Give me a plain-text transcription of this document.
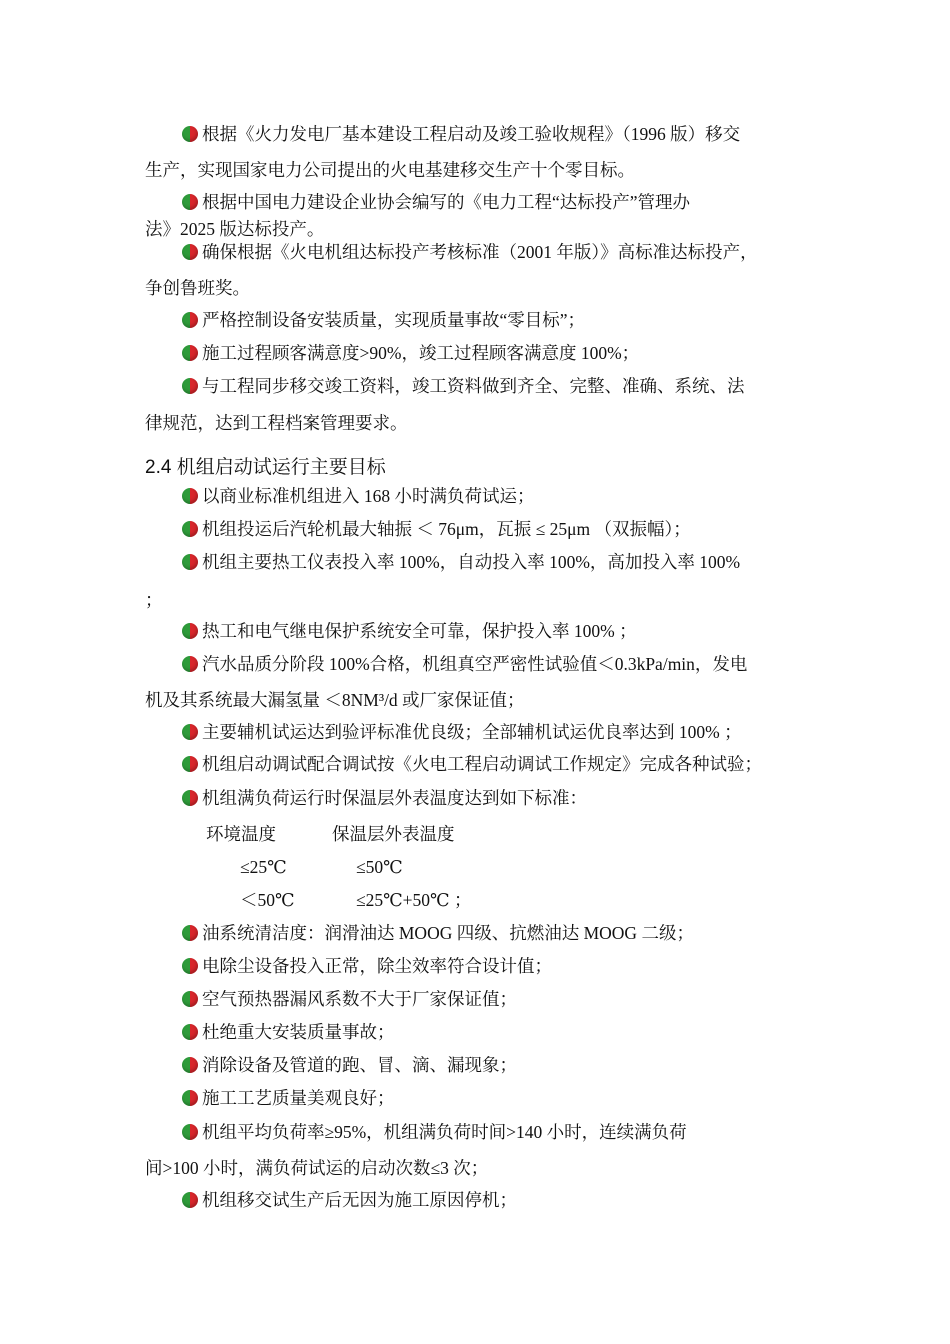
根据《火力发电厂基本建设工程启动及竣工验收规程》（1996 版）移交
生产，实现国家电力公司提出的火电基建移交生产十个零目标。
根据中国电力建设企业协会编写的《电力工程“达标投产”管理办
法》2025 版达标投产。
确保根据《火电机组达标投产考核标准（2001 年版）》高标准达标投产，
争创鲁班奖。
严格控制设备安装质量，实现质量事故“零目标”；
施工过程顾客满意度>90%，竣工过程顾客满意度 100%；
与工程同步移交竣工资料，竣工资料做到齐全、完整、准确、系统、法
律规范，达到工程档案管理要求。
2.4 机组启动试运行主要目标
以商业标准机组进入 168 小时满负荷试运；
机组投运后汽轮机最大轴振 ＜ 76μm，瓦振 ≤ 25μm （双振幅）；
机组主要热工仪表投入率 100%，自动投入率 100%，高加投入率 100%
；
热工和电气继电保护系统安全可靠，保护投入率 100% ；
汽水品质分阶段 100%合格，机组真空严密性试验值＜0.3kPa/min，发电
机及其系统最大漏氢量 ＜8NM³/d 或厂家保证值；
主要辅机试运达到验评标准优良级；全部辅机试运优良率达到 100% ；
机组启动调试配合调试按《火电工程启动调试工作规定》完成各种试验；
机组满负荷运行时保温层外表温度达到如下标准：
环境温度	保温层外表温度
≤25℃	≤50℃
＜50℃	≤25℃+50℃ ；
油系统清洁度：润滑油达 MOOG 四级、抗燃油达 MOOG 二级；
电除尘设备投入正常，除尘效率符合设计值；
空气预热器漏风系数不大于厂家保证值；
杜绝重大安装质量事故；
消除设备及管道的跑、冒、滴、漏现象；
施工工艺质量美观良好；
机组平均负荷率≥95%，机组满负荷时间>140 小时，连续满负荷
间>100 小时，满负荷试运的启动次数≤3 次；
机组移交试生产后无因为施工原因停机；
